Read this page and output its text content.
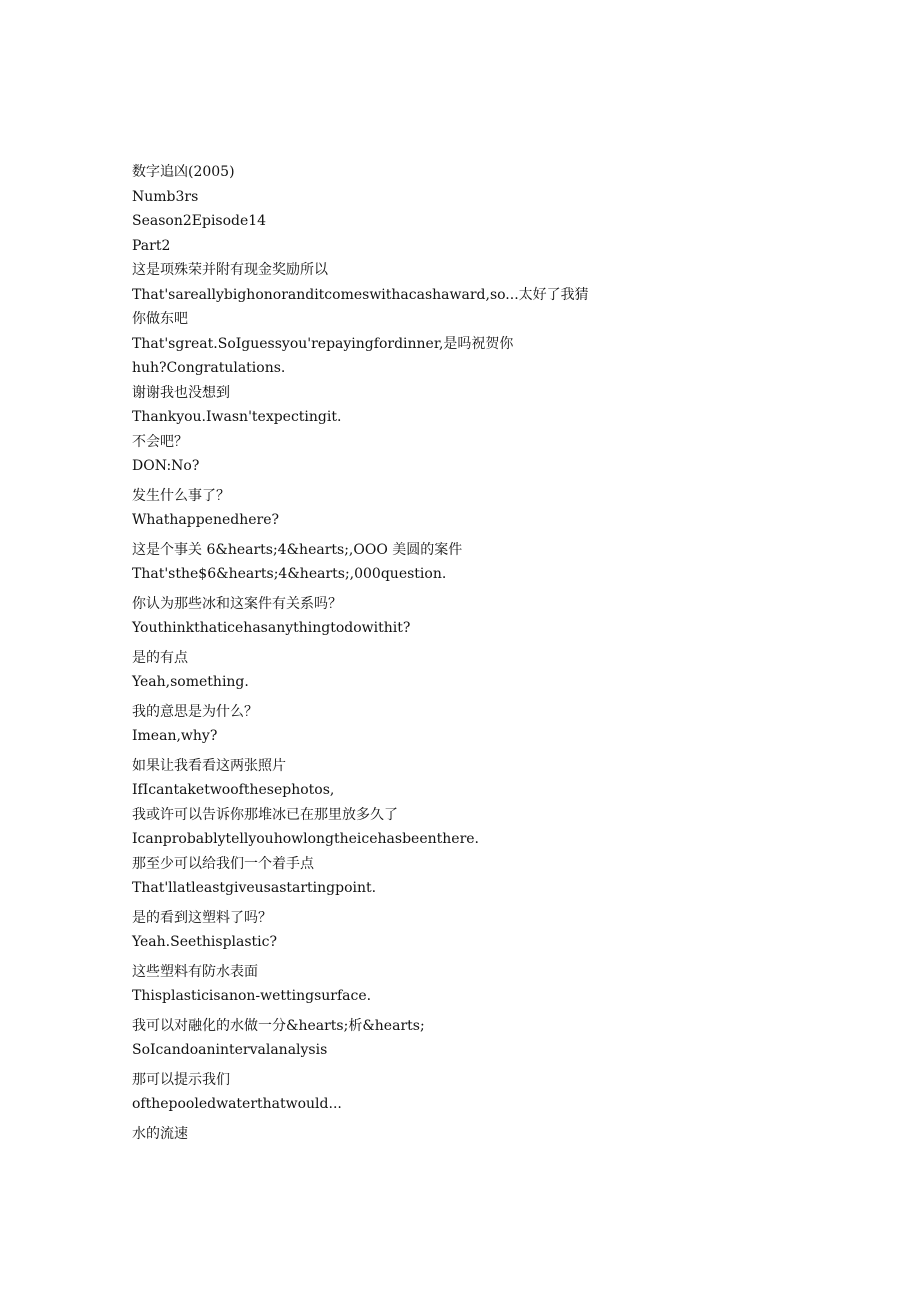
数字追凶(2005)
Numb3rs
Season2Episode14
Part2
这是项殊荣并附有现金奖励所以
That'sareallybighonoranditcomeswithacashaward,so...太好了我猜
你做东吧
That'sgreat.SoIguessyou'repayingfordinner,是吗祝贺你
huh?Congratulations.
谢谢我也没想到
Thankyou.Iwasn'texpectingit.
不会吧？
DON:No?
发生什么事了？
Whathappenedhere?
这是个事关 6&hearts;4&hearts;,OOO 美圆的案件
That'sthe$6&hearts;4&hearts;,000question.
你认为那些冰和这案件有关系吗？
Youthinkthaticehasanythingtodowithit?
是的有点
Yeah,something.
我的意思是为什么？
Imean,why?
如果让我看看这两张照片
IfIcantaketwoofthesephotos,
我或许可以告诉你那堆冰已在那里放多久了
Icanprobablytellyouhowlongtheicehasbeenthere.
那至少可以给我们一个着手点
That'llatleastgiveusastartingpoint.
是的看到这塑料了吗？
Yeah.Seethisplastic?
这些塑料有防水表面
Thisplasticisanon-wettingsurface.
我可以对融化的水做一分&hearts;析&hearts;
SoIcandoanintervalanalysis
那可以提示我们
ofthepooledwaterthatwould...
水的流速
